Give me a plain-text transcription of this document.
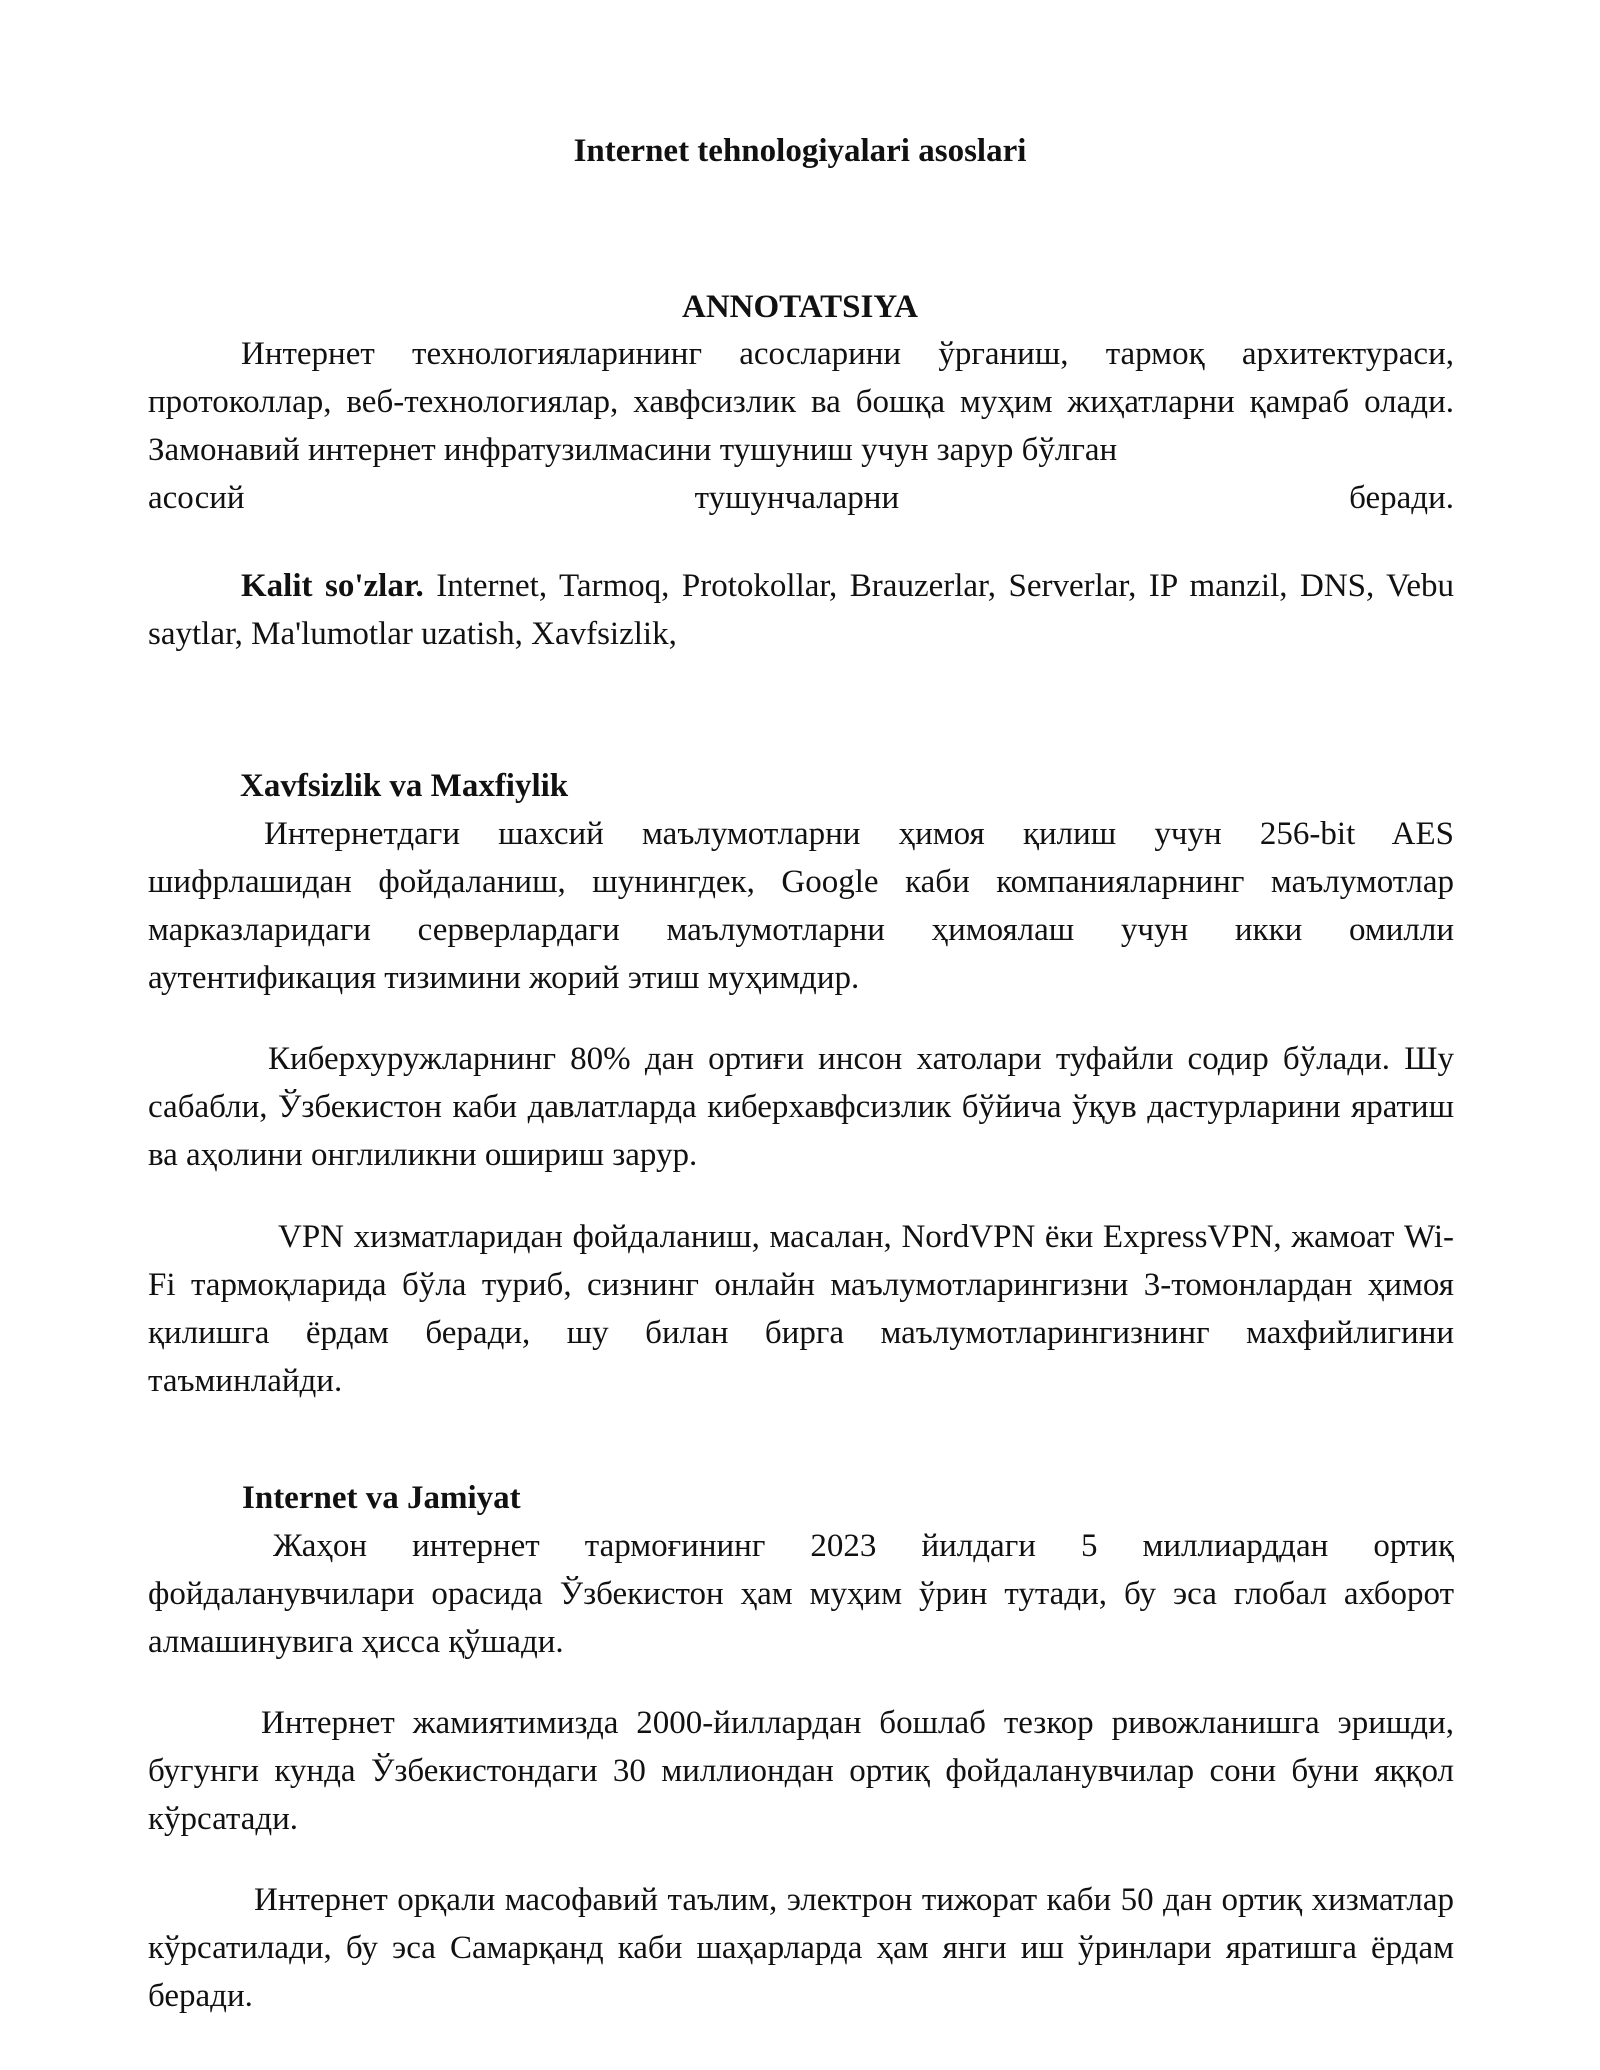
Internet tehnologiyalari asoslari
ANNOTATSIYA

Интернет технологияларининг асосларини ўрганиш, тармоқ архитектураси, протоколлар, веб-технологиялар, хавфсизлик ва бошқа муҳим жиҳатларни қамраб олади. Замонавий интернет инфратузилмасини тушуниш учун зарур бўлган

асосий тушунчаларни беради.

Kalit so'zlar. Internet, Tarmoq, Protokollar, Brauzerlar, Serverlar, IP manzil, DNS, Vebu saytlar, Ma'lumotlar uzatish, Xavfsizlik,

Xavfsizlik va Maxfiylik

Интернетдаги шахсий маълумотларни ҳимоя қилиш учун 256-bit AES шифрлашидан фойдаланиш, шунингдек, Google каби компанияларнинг маълумотлар марказларидаги серверлардаги маълумотларни ҳимоялаш учун икки омилли аутентификация тизимини жорий этиш муҳимдир.

Киберхуружларнинг 80% дан ортиғи инсон хатолари туфайли содир бўлади. Шу сабабли, Ўзбекистон каби давлатларда киберхавфсизлик бўйича ўқув дастурларини яратиш ва аҳолини онглиликни ошириш зарур.

VPN хизматларидан фойдаланиш, масалан, NordVPN ёки ExpressVPN, жамоат Wi-Fi тармоқларида бўла туриб, сизнинг онлайн маълумотларингизни 3-томонлардан ҳимоя қилишга ёрдам беради, шу билан бирга маълумотларингизнинг махфийлигини таъминлайди.

Internet va Jamiyat

Жаҳон интернет тармоғининг 2023 йилдаги 5 миллиарддан ортиқ фойдаланувчилари орасида Ўзбекистон ҳам муҳим ўрин тутади, бу эса глобал ахборот алмашинувига ҳисса қўшади.

Интернет жамиятимизда 2000-йиллардан бошлаб тезкор ривожланишга эришди, бугунги кунда Ўзбекистондаги 30 миллиондан ортиқ фойдаланувчилар сони буни яққол кўрсатади.

Интернет орқали масофавий таълим, электрон тижорат каби 50 дан ортиқ хизматлар кўрсатилади, бу эса Самарқанд каби шаҳарларда ҳам янги иш ўринлари яратишга ёрдам беради.
